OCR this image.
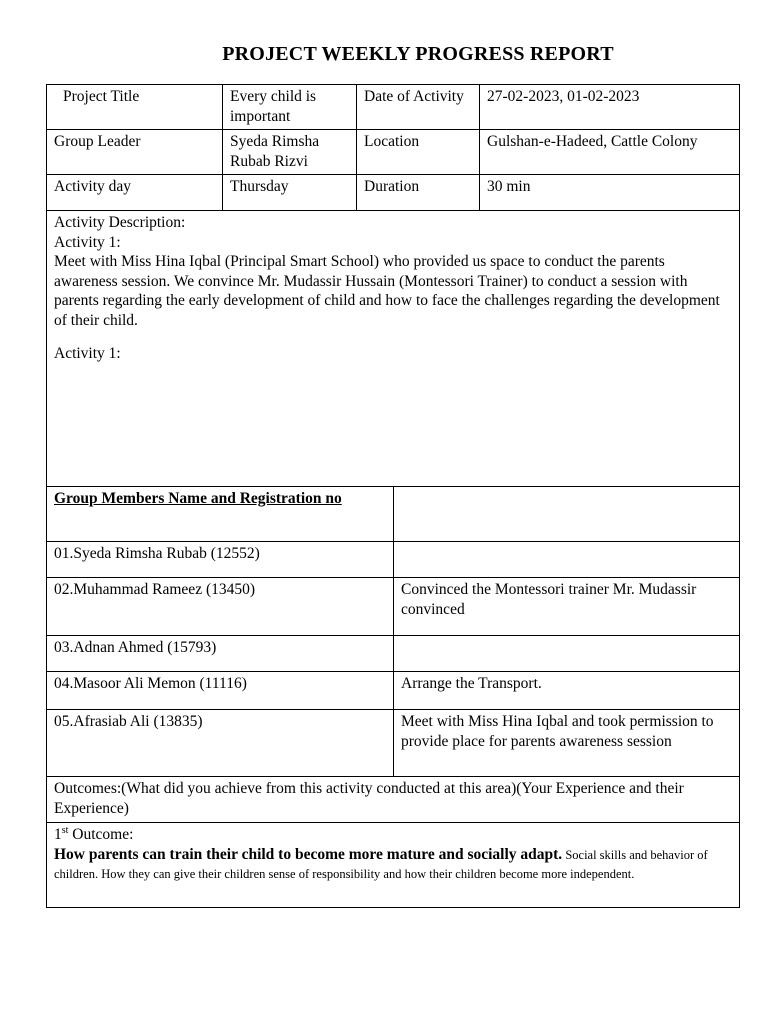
PROJECT WEEKLY PROGRESS REPORT
Project Title	Every child is important	Date of Activity		27-02-2023, 01-02-2023
Group Leader	Syeda Rimsha Rubab Rizvi	Location		Gulshan-e-Hadeed, Cattle Colony
Activity day	Thursday	Duration		30 min

Activity Description:
Activity 1:
Meet with Miss Hina Iqbal (Principal Smart School) who provided us space to conduct the parents awareness session. We convince Mr. Mudassir Hussain (Montessori Trainer) to conduct a session with parents regarding the early development of child and how to face the challenges regarding the development of their child.
Activity 1:				

Group Members Name and Registration no				
01.Syeda Rimsha Rubab (12552)				
02.Muhammad Rameez (13450)			Convinced the Montessori trainer Mr. Mudassir convinced	
03.Adnan Ahmed (15793)				
04.Masoor Ali Memon (11116)			Arrange the Transport.	
05.Afrasiab Ali (13835)			Meet with Miss Hina Iqbal and took permission to provide place for parents awareness session	
Outcomes:(What did you achieve from this activity conducted at this area)(Your Experience and their Experience)				

1st Outcome:
How parents can train their child to become more mature and socially adapt. Social skills and behavior of children. How they can give their children sense of responsibility and how their children become more independent.				
